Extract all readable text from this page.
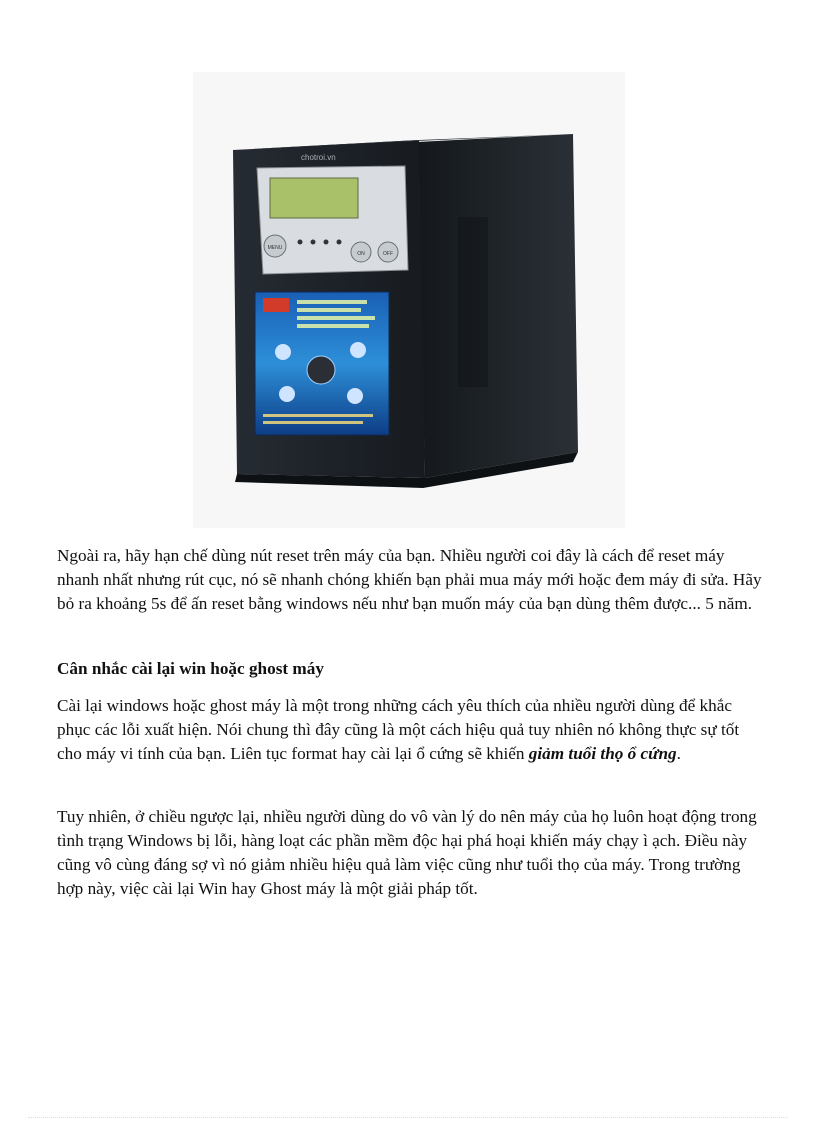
chotroi.vn
MENU
ON	OFF

Ngoài ra, hãy hạn chế dùng nút reset trên máy của bạn. Nhiều người coi đây là cách để reset máy nhanh nhất nhưng rút cục, nó sẽ nhanh chóng khiến bạn phải mua máy mới hoặc đem máy đi sửa. Hãy bỏ ra khoảng 5s để ấn reset bằng windows nếu như bạn muốn máy của bạn dùng thêm được... 5 năm.

Cân nhắc cài lại win hoặc ghost máy

Cài lại windows hoặc ghost máy là một trong những cách yêu thích của nhiều người dùng để khắc phục các lỗi xuất hiện. Nói chung thì đây cũng là một cách hiệu quả tuy nhiên nó không thực sự tốt cho máy vi tính của bạn. Liên tục format hay cài lại ổ cứng sẽ khiến giảm tuổi thọ ổ cứng.

Tuy nhiên, ở chiều ngược lại, nhiều người dùng do vô vàn lý do nên máy của họ luôn hoạt động trong tình trạng Windows bị lỗi, hàng loạt các phần mềm độc hại phá hoại khiến máy chạy ì ạch. Điều này cũng vô cùng đáng sợ vì nó giảm nhiều hiệu quả làm việc cũng như tuổi thọ của máy. Trong trường hợp này, việc cài lại Win hay Ghost máy là một giải pháp tốt.
